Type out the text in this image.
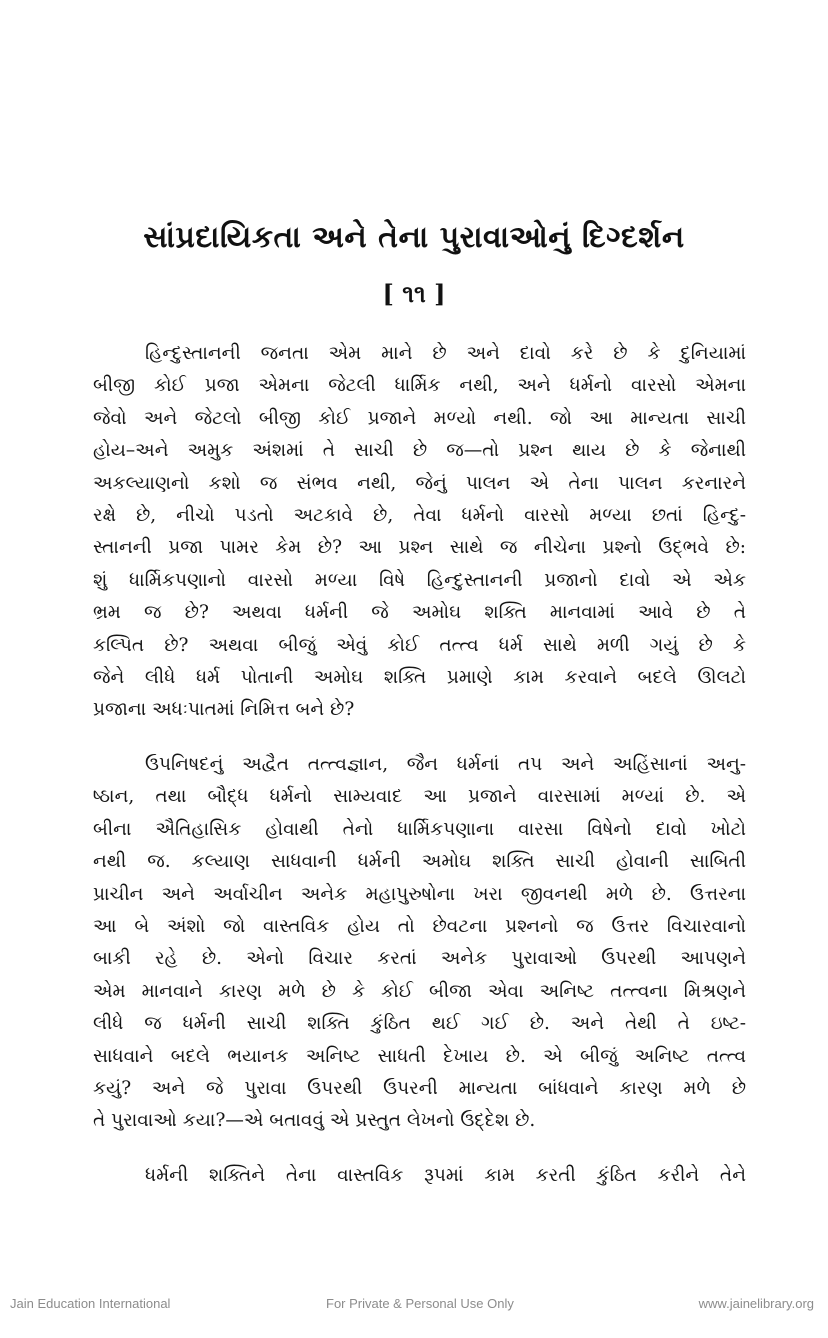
સાંપ્રદાયિકતા અને તેના પુરાવાઓનું દિગ્દર્શન
[ ૧૧ ]

હિન્દુસ્તાનની જનતા એમ માને છે અને દાવો કરે છે કે દુનિયામાં
બીજી કોઈ પ્રજા એમના જેટલી ધાર્મિક નથી, અને ધર્મનો વારસો એમના
જેવો અને જેટલો બીજી કોઈ પ્રજાને મળ્યો નથી. જો આ માન્યતા સાચી
હોય–અને અમુક અંશમાં તે સાચી છે જ—તો પ્રશ્ન થાય છે કે જેનાથી
અકલ્યાણનો કશો જ સંભવ નથી, જેનું પાલન એ તેના પાલન કરનારને
રક્ષે છે, નીચો પડતો અટકાવે છે, તેવા ધર્મનો વારસો મળ્યા છતાં હિન્દુ-
સ્તાનની પ્રજા પામર કેમ છે? આ પ્રશ્ન સાથે જ નીચેના પ્રશ્નો ઉદ્ભવે છે:
શું ધાર્મિકપણાનો વારસો મળ્યા વિષે હિન્દુસ્તાનની પ્રજાનો દાવો એ એક
ભ્રમ જ છે? અથવા ધર્મની જે અમોઘ શક્તિ માનવામાં આવે છે તે
કલ્પિત છે? અથવા બીજું એવું કોઈ તત્ત્વ ધર્મ સાથે મળી ગયું છે કે
જેને લીધે ધર્મ પોતાની અમોઘ શક્તિ પ્રમાણે કામ કરવાને બદલે ઊલટો
પ્રજાના અધઃપાતમાં નિમિત્ત બને છે?

ઉપનિષદનું અદ્વૈત તત્ત્વજ્ઞાન, જૈન ધર્મનાં તપ અને અહિંસાનાં અનુ-
ષ્ઠાન, તથા બૌદ્ધ ધર્મનો સામ્યવાદ આ પ્રજાને વારસામાં મળ્યાં છે. એ
બીના ઐતિહાસિક હોવાથી તેનો ધાર્મિકપણાના વારસા વિષેનો દાવો ખોટો
નથી જ. કલ્યાણ સાધવાની ધર્મની અમોઘ શક્તિ સાચી હોવાની સાબિતી
પ્રાચીન અને અર્વાચીન અનેક મહાપુરુષોના ખરા જીવનથી મળે છે. ઉત્તરના
આ બે અંશો જો વાસ્તવિક હોય તો છેવટના પ્રશ્નનો જ ઉત્તર વિચારવાનો
બાકી રહે છે. એનો વિચાર કરતાં અનેક પુરાવાઓ ઉપરથી આપણને
એમ માનવાને કારણ મળે છે કે કોઈ બીજા એવા અનિષ્ટ તત્ત્વના મિશ્રણને
લીધે જ ધર્મની સાચી શક્તિ કુંઠિત થઈ ગઈ છે. અને તેથી તે ઇષ્ટ-
સાધવાને બદલે ભયાનક અનિષ્ટ સાધતી દેખાય છે. એ બીજું અનિષ્ટ તત્ત્વ
કયું? અને જે પુરાવા ઉપરથી ઉપરની માન્યતા બાંધવાને કારણ મળે છે
તે પુરાવાઓ કયા?—એ બતાવવું એ પ્રસ્તુત લેખનો ઉદ્દેશ છે.

ધર્મની શક્તિને તેના વાસ્તવિક રૂપમાં કામ કરતી કુંઠિત કરીને તેને

Jain Education International	For Private & Personal Use Only	www.jainelibrary.org
